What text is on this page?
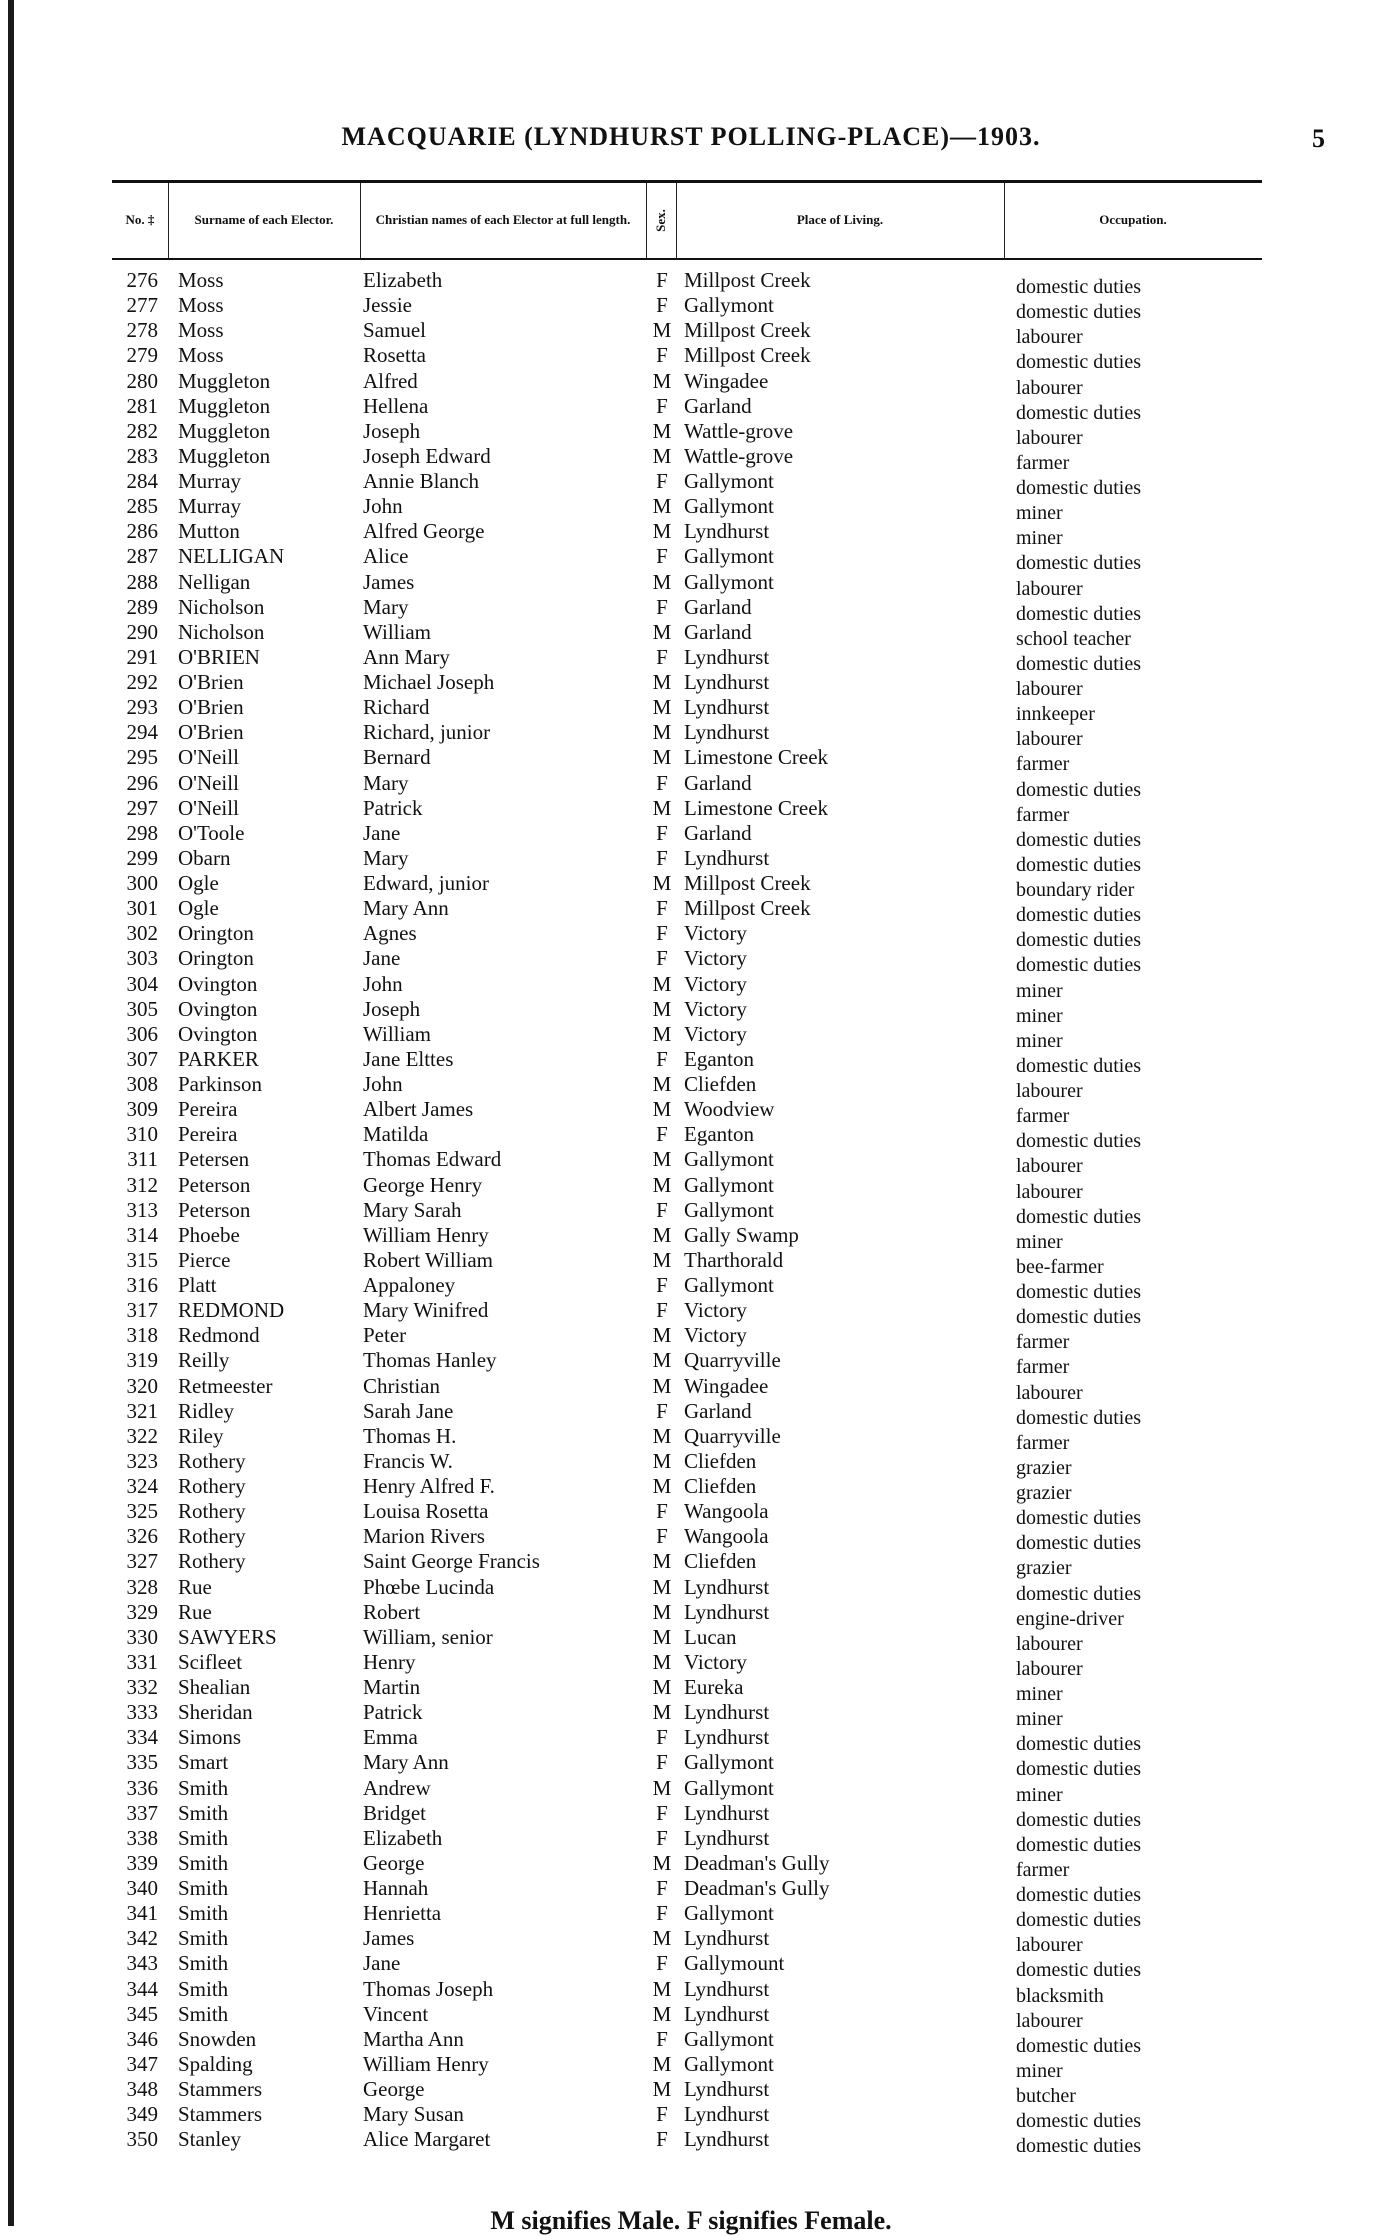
MACQUARIE (LYNDHURST POLLING-PLACE)—1903.	5
No. ‡	Surname of each Elector.	Christian names of each Elector at full length.	Sex.	Place of Living.	Occupation.
276 Moss	Elizabeth	F Millpost Creek	domestic duties
277 Moss	Jessie	F Gallymont	domestic duties
278 Moss	Samuel	M Millpost Creek	labourer
279 Moss	Rosetta	F Millpost Creek	domestic duties
280 Muggleton	Alfred	M Wingadee	labourer
281 Muggleton	Hellena	F Garland	domestic duties
282 Muggleton	Joseph	M Wattle-grove	labourer
283 Muggleton	Joseph Edward	M Wattle-grove	farmer
284 Murray	Annie Blanch	F Gallymont	domestic duties
285 Murray	John	M Gallymont	miner
286 Mutton	Alfred George	M Lyndhurst	miner
287 NELLIGAN	Alice	F Gallymont	domestic duties
288 Nelligan	James	M Gallymont	labourer
289 Nicholson	Mary	F Garland	domestic duties
290 Nicholson	William	M Garland	school teacher
291 O'BRIEN	Ann Mary	F Lyndhurst	domestic duties
292 O'Brien	Michael Joseph	M Lyndhurst	labourer
293 O'Brien	Richard	M Lyndhurst	innkeeper
294 O'Brien	Richard, junior	M Lyndhurst	labourer
295 O'Neill	Bernard	M Limestone Creek	farmer
296 O'Neill	Mary	F Garland	domestic duties
297 O'Neill	Patrick	M Limestone Creek	farmer
298 O'Toole	Jane	F Garland	domestic duties
299 Obarn	Mary	F Lyndhurst	domestic duties
300 Ogle	Edward, junior	M Millpost Creek	boundary rider
301 Ogle	Mary Ann	F Millpost Creek	domestic duties
302 Orington	Agnes	F Victory	domestic duties
303 Orington	Jane	F Victory	domestic duties
304 Ovington	John	M Victory	miner
305 Ovington	Joseph	M Victory	miner
306 Ovington	William	M Victory	miner
307 PARKER	Jane Elttes	F Eganton	domestic duties
308 Parkinson	John	M Cliefden	labourer
309 Pereira	Albert James	M Woodview	farmer
310 Pereira	Matilda	F Eganton	domestic duties
311 Petersen	Thomas Edward	M Gallymont	labourer
312 Peterson	George Henry	M Gallymont	labourer
313 Peterson	Mary Sarah	F Gallymont	domestic duties
314 Phoebe	William Henry	M Gally Swamp	miner
315 Pierce	Robert William	M Tharthorald	bee-farmer
316 Platt	Appaloney	F Gallymont	domestic duties
317 REDMOND	Mary Winifred	F Victory	domestic duties
318 Redmond	Peter	M Victory	farmer
319 Reilly	Thomas Hanley	M Quarryville	farmer
320 Retmeester	Christian	M Wingadee	labourer
321 Ridley	Sarah Jane	F Garland	domestic duties
322 Riley	Thomas H.	M Quarryville	farmer
323 Rothery	Francis W.	M Cliefden	grazier
324 Rothery	Henry Alfred F.	M Cliefden	grazier
325 Rothery	Louisa Rosetta	F Wangoola	domestic duties
326 Rothery	Marion Rivers	F Wangoola	domestic duties
327 Rothery	Saint George Francis	M Cliefden	grazier
328 Rue	Phœbe Lucinda	M Lyndhurst	domestic duties
329 Rue	Robert	M Lyndhurst	engine-driver
330 SAWYERS	William, senior	M Lucan	labourer
331 Scifleet	Henry	M Victory	labourer
332 Shealian	Martin	M Eureka	miner
333 Sheridan	Patrick	M Lyndhurst	miner
334 Simons	Emma	F Lyndhurst	domestic duties
335 Smart	Mary Ann	F Gallymont	domestic duties
336 Smith	Andrew	M Gallymont	miner
337 Smith	Bridget	F Lyndhurst	domestic duties
338 Smith	Elizabeth	F Lyndhurst	domestic duties
339 Smith	George	M Deadman's Gully	farmer
340 Smith	Hannah	F Deadman's Gully	domestic duties
341 Smith	Henrietta	F Gallymont	domestic duties
342 Smith	James	M Lyndhurst	labourer
343 Smith	Jane	F Gallymount	domestic duties
344 Smith	Thomas Joseph	M Lyndhurst	blacksmith
345 Smith	Vincent	M Lyndhurst	labourer
346 Snowden	Martha Ann	F Gallymont	domestic duties
347 Spalding	William Henry	M Gallymont	miner
348 Stammers	George	M Lyndhurst	butcher
349 Stammers	Mary Susan	F Lyndhurst	domestic duties
350 Stanley	Alice Margaret	F Lyndhurst	domestic duties
M signifies Male. F signifies Female.
